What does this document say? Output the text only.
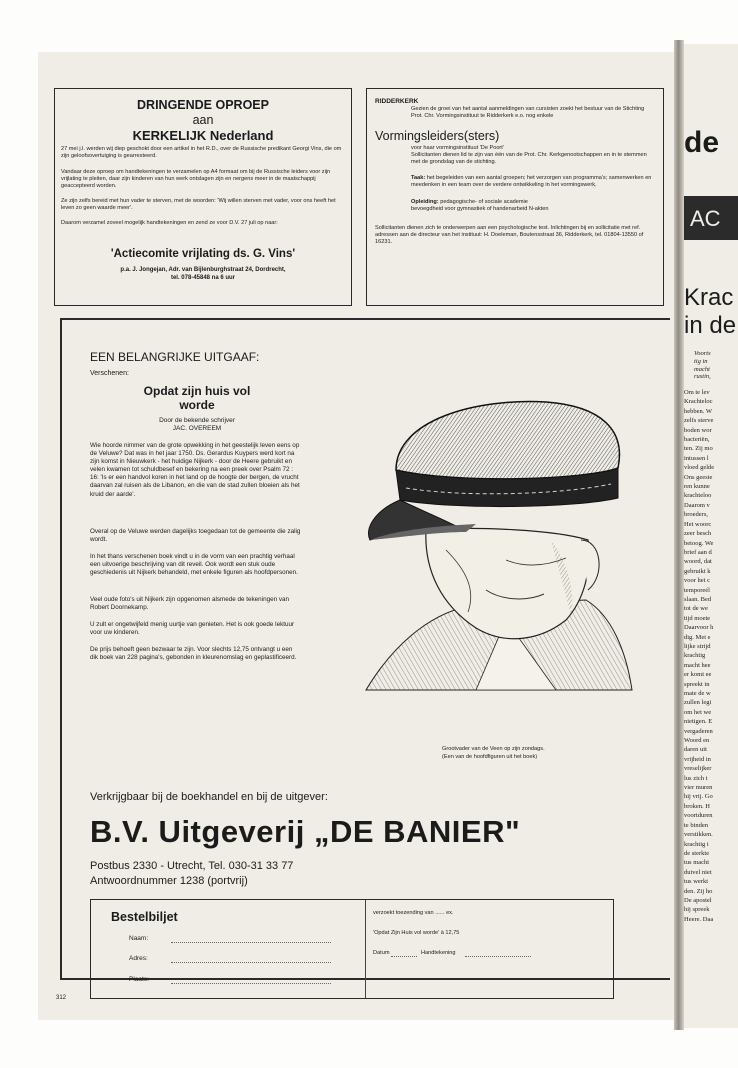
DRINGENDE OPROEP
aan
KERKELIJK Nederland
27 mei j.l. werden wij diep geschokt door een artikel in het R.D., over de Russische predikant Georgi Vins, die om zijn geloofsovertuiging is gearresteerd.
Vandaar deze oproep om handtekeningen te verzamelen op A4 formaat om bij de Russische leiders voor zijn vrijlating te pleiten, daar zijn kinderen van hun werk ontslagen zijn en nergens meer in de maatschappij geaccepteerd worden.
Ze zijn zelfs bereid met hun vader te sterven, met de woorden: 'Wij willen sterven met vader, voor ons heeft het leven zo geen waarde meer'.
Daarom verzamel zoveel mogelijk handtekeningen en zend ze voor D.V. 27 juli op naar:
'Actiecomite vrijlating ds. G. Vins'
p.a. J. Jongejan, Adr. van Bijlenburghstraat 24, Dordrecht,
tel. 078-45848 na 6 uur
RIDDERKERK
Gezien de groei van het aantal aanmeldingen van cursisten zoekt het bestuur van de Stichting Prot. Chr. Vormingsinstituut te Ridderkerk e.o. nog enkele
Vormingsleiders(sters)
voor haar vormingsinstituut 'De Poort'
Sollicitanten dienen lid te zijn van één van de Prot. Chr. Kerkgenootschappen en in te stemmen met de grondslag van de stichting.
Taak: het begeleiden van een aantal groepen; het verzorgen van programma's; samenwerken en meedenken in een team over de verdere ontwikkeling in het vormingswerk.
Opleiding: pedagogische- of sociale academie bevoegdheid voor gymnastiek of handenarbeid N-akten
Sollicitanten dienen zich te onderwerpen aan een psychologische test. Inlichtingen bij en sollicitatie met ref. adressen aan de directeur van het instituut: H. Doeleman, Boutensstraat 36, Ridderkerk, tel. 01804-13550 of 16231.
EEN BELANGRIJKE UITGAAF:
Verschenen:
Opdat zijn huis vol worde
Door de bekende schrijver
JAC. OVEREEM
Wie hoorde nimmer van de grote opwekking in het geestelijk leven eens op de Veluwe? Dat was in het jaar 1750. Ds. Gerardus Kuypers werd kort na zijn komst in Nieuwkerk - het huidige Nijkerk - door de Heere gebruikt en velen kwamen tot schuldbesef en bekering na een preek over Psalm 72 : 16: 'Is er een handvol koren in het land op de hoogte der bergen, de vrucht daarvan zal ruisen als de Libanon, en die van de stad zullen bloeien als het kruid der aarde'.
Overal op de Veluwe werden dagelijks toegedaan tot de gemeente die zalig wordt.
In het thans verschenen boek vindt u in de vorm van een prachtig verhaal een uitvoerige beschrijving van dit reveil. Ook wordt een stuk oude geschiedenis uit Nijkerk behandeld, met enkele figuren als hoofdpersonen.
Veel oude foto's uit Nijkerk zijn opgenomen alsmede de tekeningen van Robert Doornekamp.
U zult er ongetwijfeld menig uurtje van genieten. Het is ook goede lektuur voor uw kinderen.
De prijs behoeft geen bezwaar te zijn. Voor slechts 12,75 ontvangt u een dik boek van 228 pagina's, gebonden in kleurenomslag en geplastificeerd.
Grootvader van de Veen op zijn zondags.
(Een van de hoofdfiguren uit het boek)
Verkrijgbaar bij de boekhandel en bij de uitgever:
B.V. Uitgeverij „DE BANIER"
Postbus 2330 - Utrecht, Tel. 030-31 33 77
Antwoordnummer 1238 (portvrij)
Bestelbiljet
Naam:
Adres:
Plaats:
verzoekt toezending van ...... ex.
'Opdat Zijn Huis vol worde' à 12,75
Datum	Handtekening
312
de
AC
Krac
in de
Voorts
tig in
macht
rustin,
Om te lev
Krachteloc
hebben. W
zelfs sterve
boden wor
bacteriën,
ten. Zij mo
intussen l
vloed gelde
Ons geeste
ren kunne
krachteloo
Daarom v
broeders,
Het woorc
zeer besch
betoog. We
brief aan d
woord, dat
gebruikt k
voor het c
temporeél
slaan. Bed
tot de we
tijd moete
Daarvoor h
dig. Met e
lijke strijd
krachtig
macht hee
er komt ee
spreekt in
mate de w
zullen legi
om het we
nietigen. E
vergaderen
Woord en
daren uit
vrijheid in
vreselijker
lus zich t
vier muren
hij vrij. Go
broken. H
voortduren
te binden
verstikken.
krachtig i
de sterkte
tus macht
duivel niet
tus werkt
den. Zij ho
De apostel
hij spreek
Heere. Daa
